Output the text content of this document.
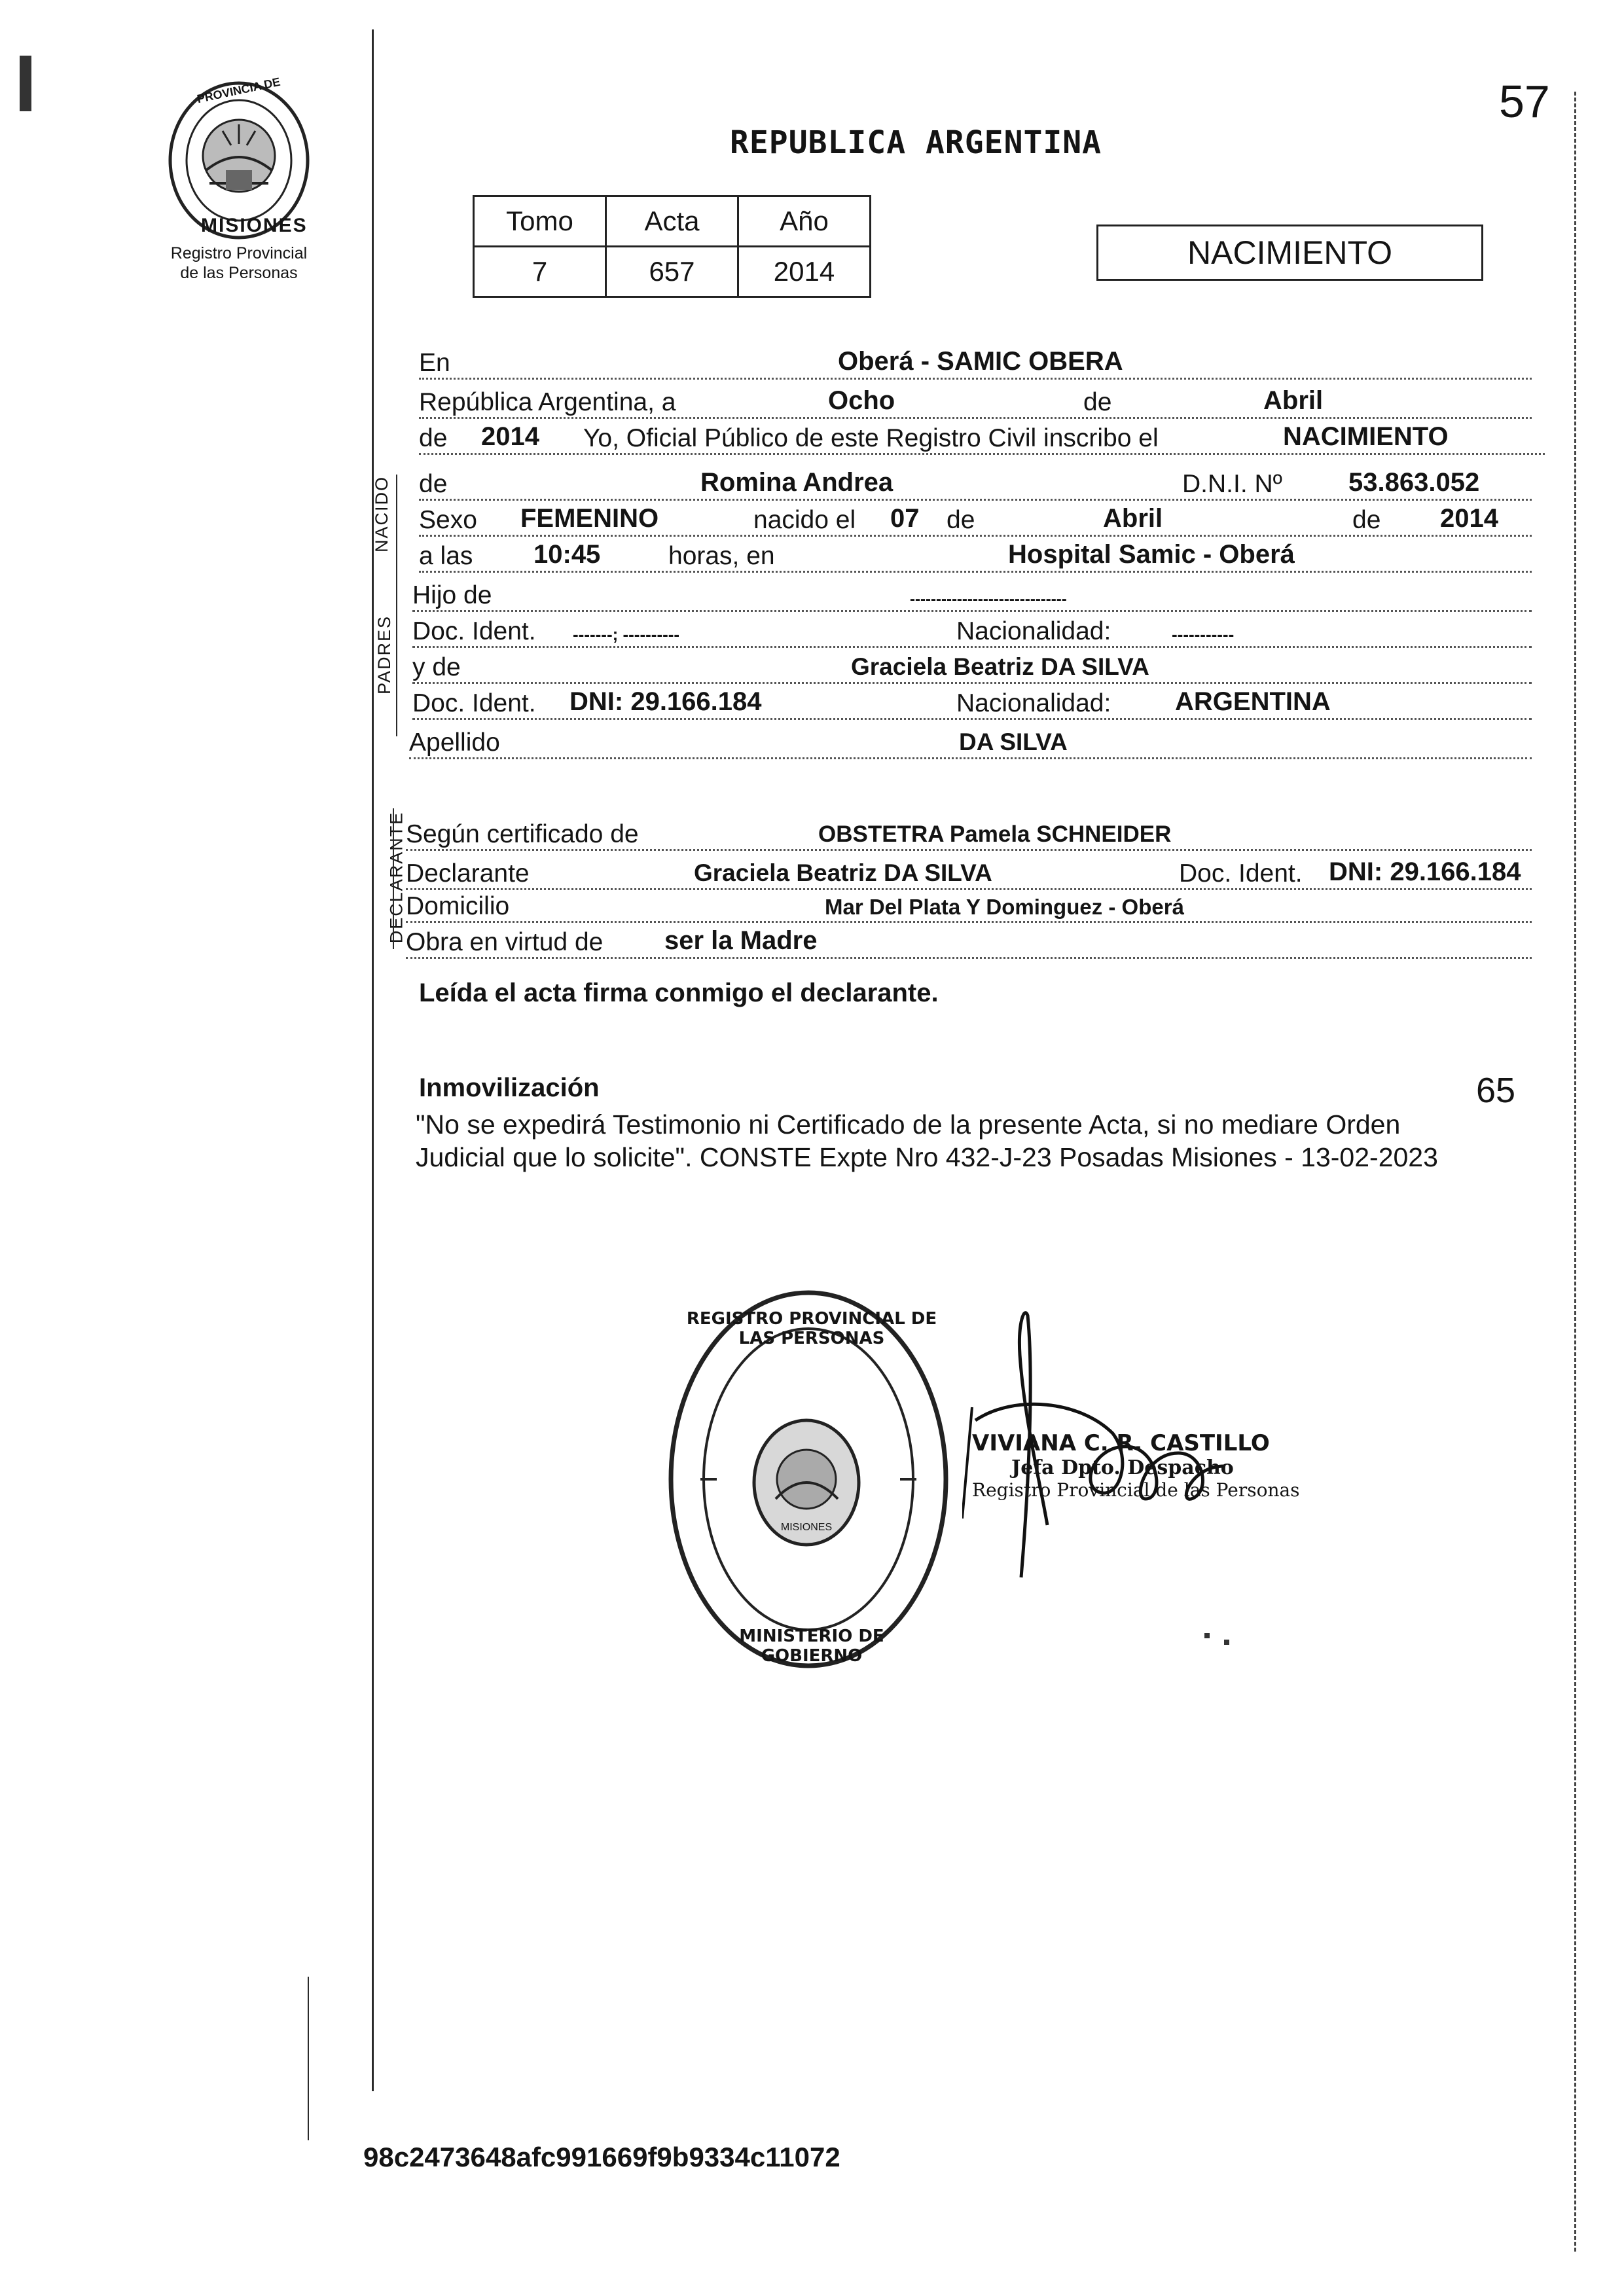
PROVINCIA DE
MISIONES
Registro Provincial
de las Personas
57
REPUBLICA ARGENTINA
Tomo	Acta	Año
7	657	2014
NACIMIENTO
NACIDO
PADRES
DECLARANTE
En	Oberá - SAMIC OBERA
República Argentina, a	Ocho	de	Abril
de 2014 Yo, Oficial Público de este Registro Civil inscribo el	NACIMIENTO
de	Romina Andrea	D.N.I. Nº	53.863.052
Sexo FEMENINO	nacido el 07 de	Abril	de 2014
a las 10:45	horas, en	Hospital Samic - Oberá
Hijo de	------------------------------
Doc. Ident. -------; ----------	Nacionalidad:	-----------
y de	Graciela Beatriz DA SILVA
Doc. Ident. DNI: 29.166.184	Nacionalidad: ARGENTINA
Apellido	DA SILVA
Según certificado de	OBSTETRA Pamela SCHNEIDER
Declarante	Graciela Beatriz DA SILVA	Doc. Ident. DNI: 29.166.184
Domicilio	Mar Del Plata Y Dominguez - Oberá
Obra en virtud de ser la Madre
Leída el acta firma conmigo el declarante.
Inmovilización	65
"No se expedirá Testimonio ni Certificado de la presente Acta, si no mediare Orden
Judicial que lo solicite". CONSTE Expte Nro 432-J-23 Posadas Misiones - 13-02-2023
REGISTRO PROVINCIAL DE LAS PERSONAS
MINISTERIO DE GOBIERNO
MISIONES
VIVIANA C. R. CASTILLO
Jefa Dpto. Despacho
Registro Provincial de las Personas
98c2473648afc991669f9b9334c11072
